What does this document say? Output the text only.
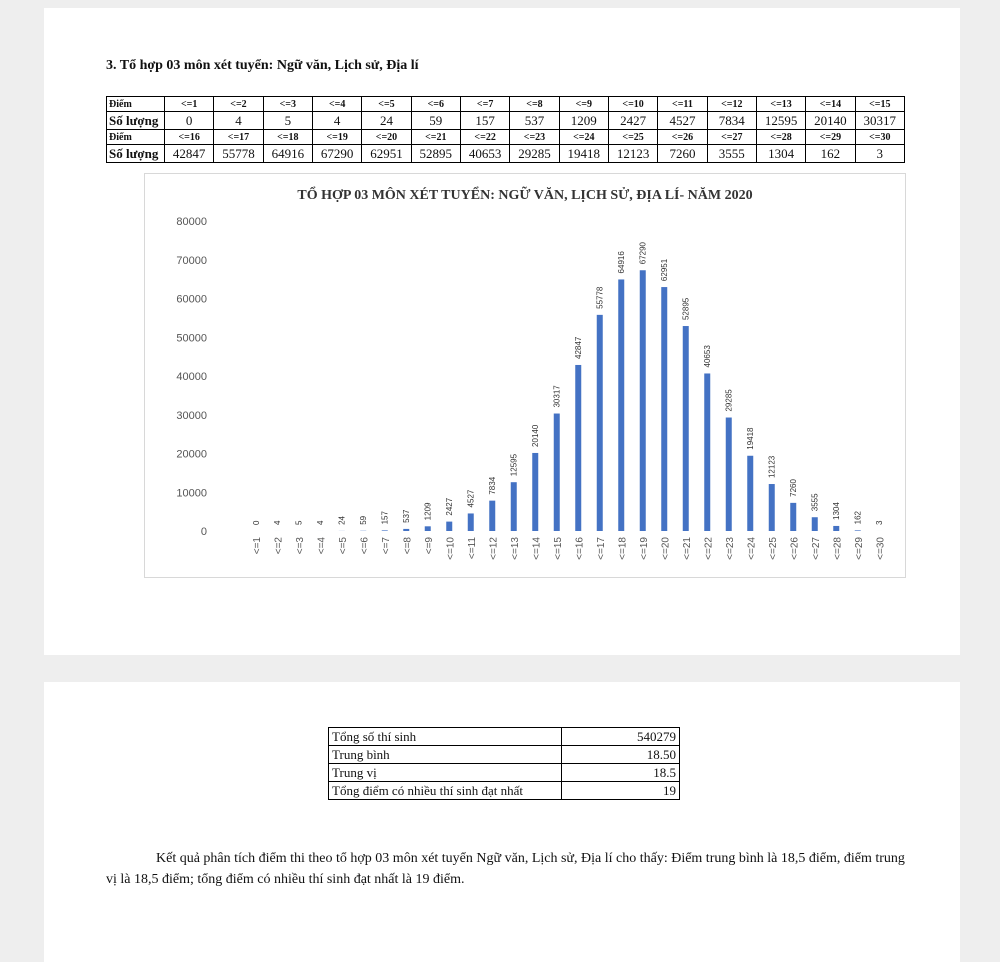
3. Tổ hợp 03 môn xét tuyển: Ngữ văn, Lịch sử, Địa lí
Điểm	<=1	<=2	<=3	<=4	<=5	<=6	<=7	<=8	<=9	<=10	<=11	<=12	<=13	<=14	<=15
Số lượng	0	4	5	4	24	59	157	537	1209	2427	4527	7834	12595	20140	30317
Điểm	<=16	<=17	<=18	<=19	<=20	<=21	<=22	<=23	<=24	<=25	<=26	<=27	<=28	<=29	<=30
Số lượng	42847	55778	64916	67290	62951	52895	40653	29285	19418	12123	7260	3555	1304	162	3
TỔ HỢP 03 MÔN XÉT TUYỂN: NGỮ VĂN, LỊCH SỬ, ĐỊA LÍ- NĂM 2020
0
10000
20000
30000
40000
50000
60000
70000
80000
0
<=1
4
<=2
5
<=3
4
<=4
24
<=5
59
<=6
157
<=7
537
<=8
1209
<=9
2427
<=10
4527
<=11
7834
<=12
12595
<=13
20140
<=14
30317
<=15
42847
<=16
55778
<=17
64916
<=18
67290
<=19
62951
<=20
52895
<=21
40653
<=22
29285
<=23
19418
<=24
12123
<=25
7260
<=26
3555
<=27
1304
<=28
162
<=29
3
<=30
Tổng số thí sinh	540279
Trung bình	18.50
Trung vị	18.5
Tổng điểm có nhiều thí sinh đạt nhất	19
Kết quả phân tích điểm thi theo tổ hợp 03 môn xét tuyển Ngữ văn, Lịch sử, Địa lí cho thấy: Điểm trung bình là 18,5 điểm, điểm trung vị là 18,5 điểm; tổng điểm có nhiều thí sinh đạt nhất là 19 điểm.
